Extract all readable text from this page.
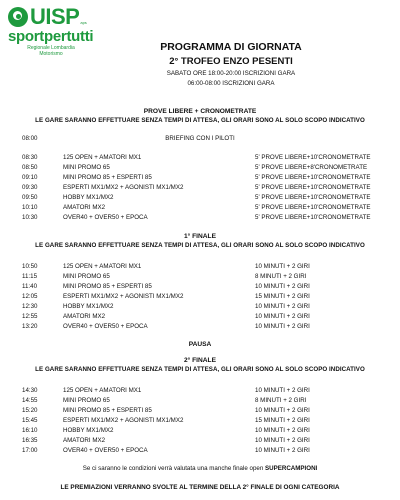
UISP aps
sportpertutti
Regionale Lombardia
Motorismo
PROGRAMMA DI GIORNATA
2° TROFEO ENZO PESENTI
SABATO ORE 18:00-20:00 ISCRIZIONI GARA
06:00-08:00 ISCRIZIONI GARA
PROVE LIBERE + CRONOMETRATE
LE GARE SARANNO EFFETTUARE SENZA TEMPI DI ATTESA, GLI ORARI SONO AL SOLO SCOPO INDICATIVO
08:00	BRIEFING CON I PILOTI
08:30	125 OPEN + AMATORI MX1	5' PROVE LIBERE+10'CRONOMETRATE
08:50	MINI PROMO 65	5' PROVE LIBERE+8'CRONOMETRATE
09:10	MINI PROMO 85 + ESPERTI 85	5' PROVE LIBERE+10'CRONOMETRATE
09:30	ESPERTI MX1/MX2 + AGONISTI MX1/MX2	5' PROVE LIBERE+10'CRONOMETRATE
09:50	HOBBY MX1/MX2	5' PROVE LIBERE+10'CRONOMETRATE
10:10	AMATORI MX2	5' PROVE LIBERE+10'CRONOMETRATE
10:30	OVER40 + OVER50 + EPOCA	5' PROVE LIBERE+10'CRONOMETRATE
1° FINALE
LE GARE SARANNO EFFETTUARE SENZA TEMPI DI ATTESA, GLI ORARI SONO AL SOLO SCOPO INDICATIVO
10:50	125 OPEN + AMATORI MX1	10 MINUTI + 2 GIRI
11:15	MINI PROMO 65	8 MINUTI + 2 GIRI
11:40	MINI PROMO 85 + ESPERTI 85	10 MINUTI + 2 GIRI
12:05	ESPERTI MX1/MX2 + AGONISTI MX1/MX2	15 MINUTI + 2 GIRI
12:30	HOBBY MX1/MX2	10 MINUTI + 2 GIRI
12:55	AMATORI MX2	10 MINUTI + 2 GIRI
13:20	OVER40 + OVER50 + EPOCA	10 MINUTI + 2 GIRI
PAUSA
2° FINALE
LE GARE SARANNO EFFETTUARE SENZA TEMPI DI ATTESA, GLI ORARI SONO AL SOLO SCOPO INDICATIVO
14:30	125 OPEN + AMATORI MX1	10 MINUTI + 2 GIRI
14:55	MINI PROMO 65	8 MINUTI + 2 GIRI
15:20	MINI PROMO 85 + ESPERTI 85	10 MINUTI + 2 GIRI
15:45	ESPERTI MX1/MX2 + AGONISTI MX1/MX2	15 MINUTI + 2 GIRI
16:10	HOBBY MX1/MX2	10 MINUTI + 2 GIRI
16:35	AMATORI MX2	10 MINUTI + 2 GIRI
17:00	OVER40 + OVER50 + EPOCA	10 MINUTI + 2 GIRI
Se ci saranno le condizioni verrà valutata una manche finale open SUPERCAMPIONI
LE PREMIAZIONI VERRANNO SVOLTE AL TERMINE DELLA 2° FINALE DI OGNI CATEGORIA
